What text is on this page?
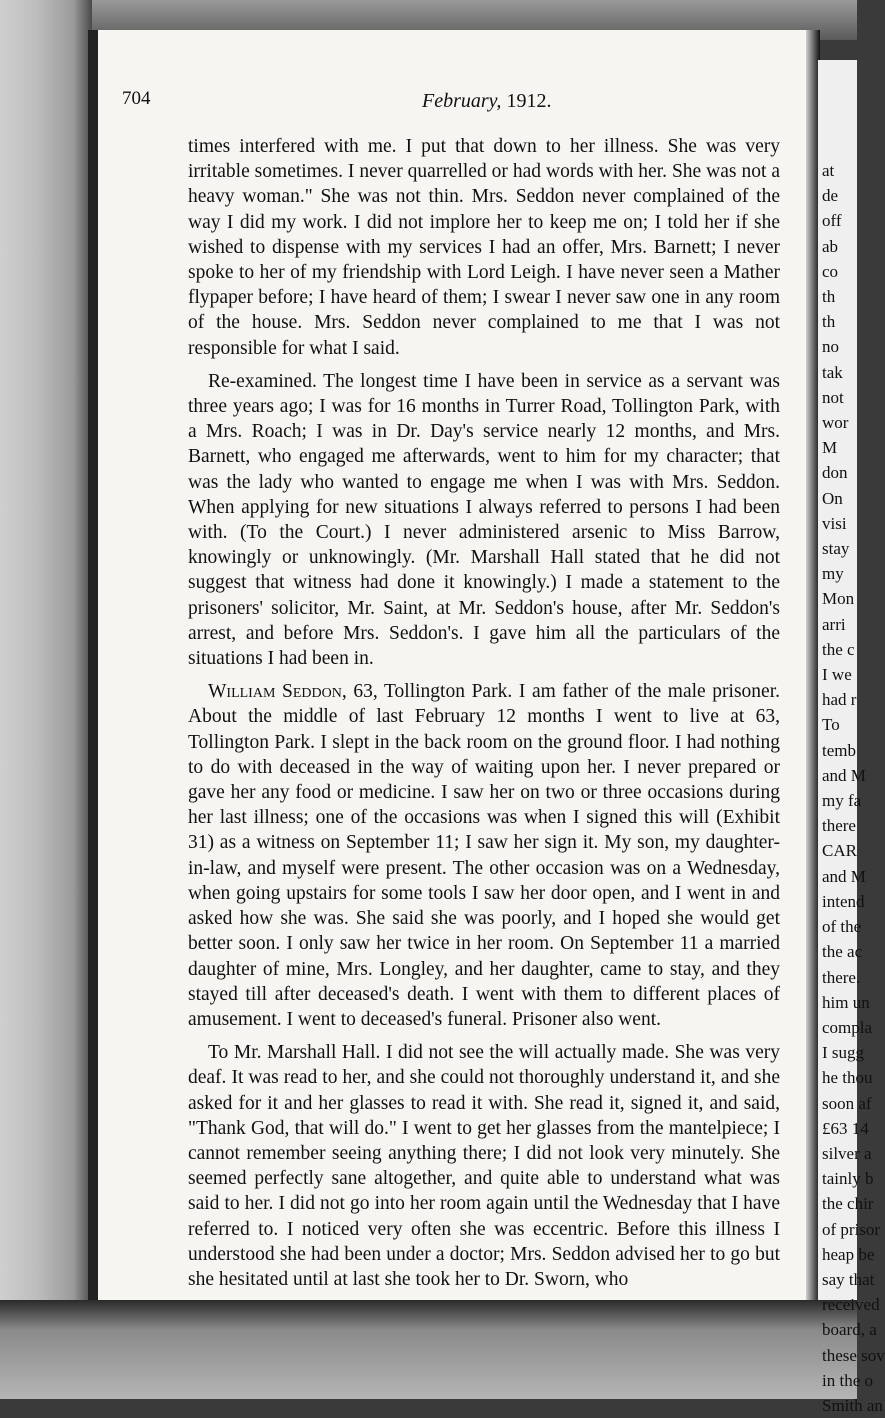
at
de
off
ab
co
th
th
no
tak
not
wor
M
don
On
visi
stay
my
Mon
arri
the c
I we
had r
To
temb
and M
my fa
there
CAR
and M
intend
of the
the ac
there.
him un
compla
I sugg
he thou
soon af
£63 14
silver a
tainly b
the chir
of prisor
heap be
say that
received
board, a
these sov
in the o
Smith an
704	February, 1912.

times interfered with me. I put that down to her illness. She was very irritable sometimes. I never quarrelled or had words with her. She was not a heavy woman." She was not thin. Mrs. Seddon never complained of the way I did my work. I did not implore her to keep me on; I told her if she wished to dispense with my services I had an offer, Mrs. Barnett; I never spoke to her of my friendship with Lord Leigh. I have never seen a Mather flypaper before; I have heard of them; I swear I never saw one in any room of the house. Mrs. Seddon never complained to me that I was not responsible for what I said.

Re-examined. The longest time I have been in service as a servant was three years ago; I was for 16 months in Turrer Road, Tollington Park, with a Mrs. Roach; I was in Dr. Day's service nearly 12 months, and Mrs. Barnett, who engaged me afterwards, went to him for my character; that was the lady who wanted to engage me when I was with Mrs. Seddon. When applying for new situations I always referred to persons I had been with. (To the Court.) I never administered arsenic to Miss Barrow, knowingly or unknowingly. (Mr. Marshall Hall stated that he did not suggest that witness had done it knowingly.) I made a statement to the prisoners' solicitor, Mr. Saint, at Mr. Seddon's house, after Mr. Seddon's arrest, and before Mrs. Seddon's. I gave him all the particulars of the situations I had been in.

William Seddon, 63, Tollington Park. I am father of the male prisoner. About the middle of last February 12 months I went to live at 63, Tollington Park. I slept in the back room on the ground floor. I had nothing to do with deceased in the way of waiting upon her. I never prepared or gave her any food or medicine. I saw her on two or three occasions during her last illness; one of the occasions was when I signed this will (Exhibit 31) as a witness on September 11; I saw her sign it. My son, my daughter-in-law, and myself were present. The other occasion was on a Wednesday, when going upstairs for some tools I saw her door open, and I went in and asked how she was. She said she was poorly, and I hoped she would get better soon. I only saw her twice in her room. On September 11 a married daughter of mine, Mrs. Longley, and her daughter, came to stay, and they stayed till after deceased's death. I went with them to different places of amusement. I went to deceased's funeral. Prisoner also went.

To Mr. Marshall Hall. I did not see the will actually made. She was very deaf. It was read to her, and she could not thoroughly understand it, and she asked for it and her glasses to read it with. She read it, signed it, and said, "Thank God, that will do." I went to get her glasses from the mantelpiece; I cannot remember seeing anything there; I did not look very minutely. She seemed perfectly sane altogether, and quite able to understand what was said to her. I did not go into her room again until the Wednesday that I have referred to. I noticed very often she was eccentric. Before this illness I understood she had been under a doctor; Mrs. Seddon advised her to go but she hesitated until at last she took her to Dr. Sworn, who
